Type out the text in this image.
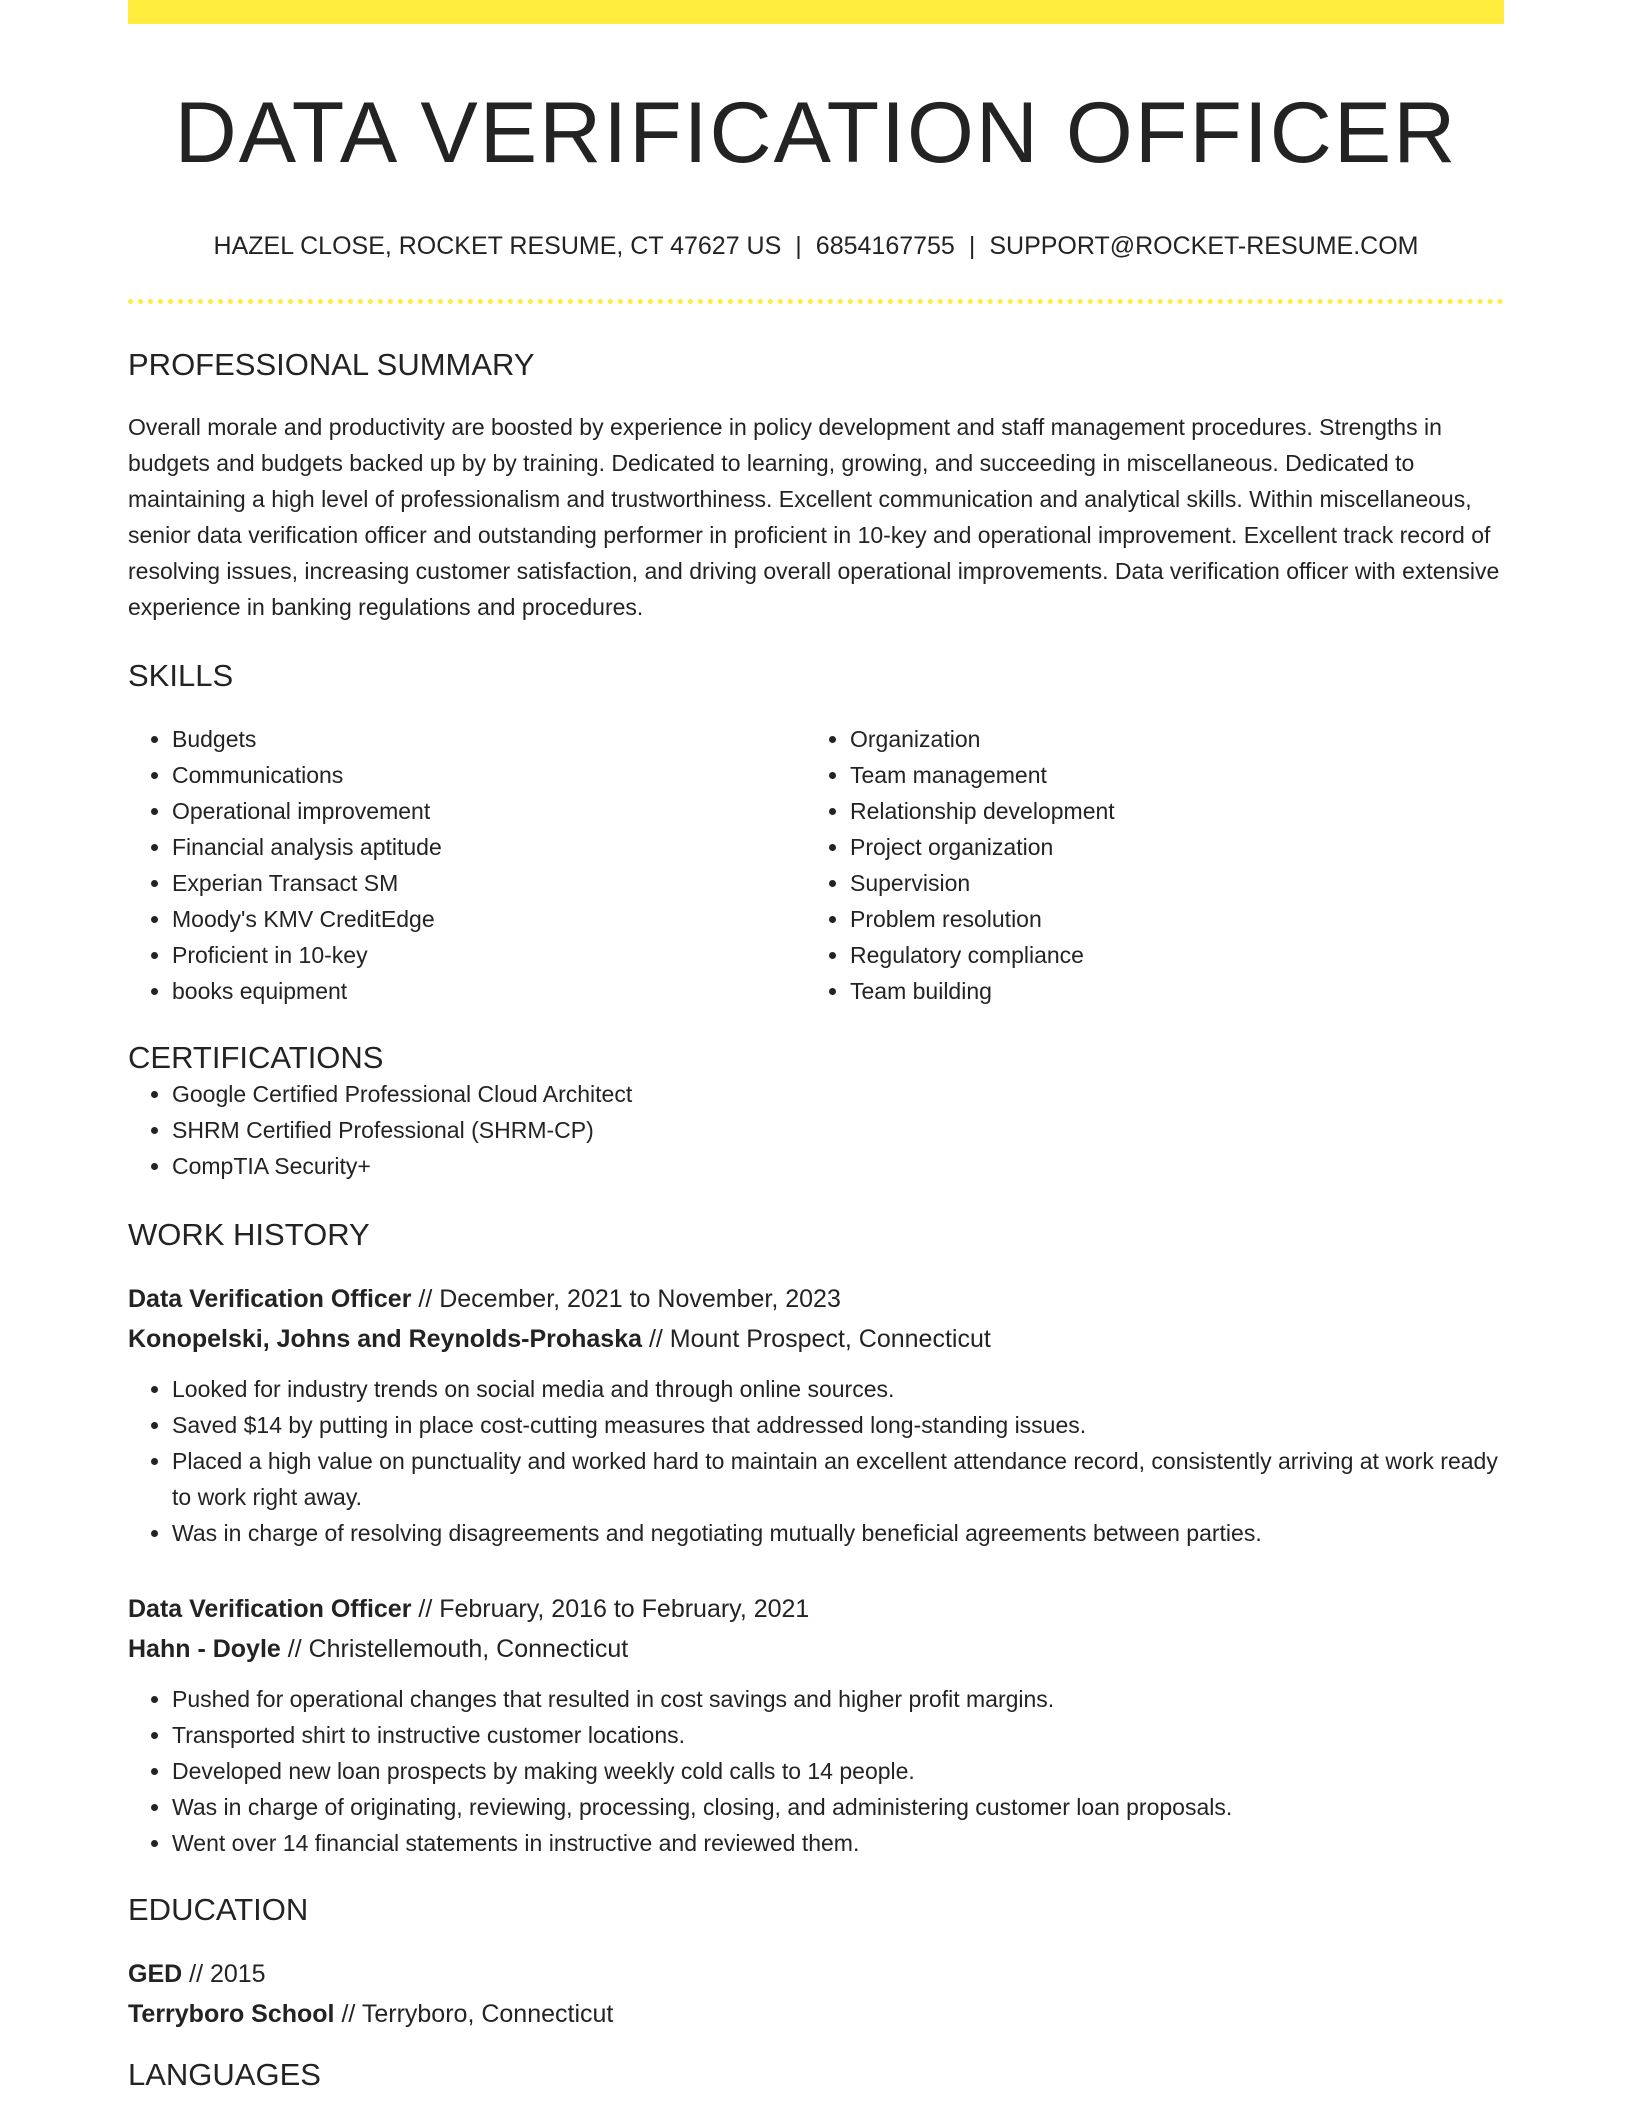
DATA VERIFICATION OFFICER
HAZEL CLOSE, ROCKET RESUME, CT 47627 US | 6854167755 | SUPPORT@ROCKET-RESUME.COM
PROFESSIONAL SUMMARY

Overall morale and productivity are boosted by experience in policy development and staff management procedures. Strengths in budgets and budgets backed up by by training. Dedicated to learning, growing, and succeeding in miscellaneous. Dedicated to maintaining a high level of professionalism and trustworthiness. Excellent communication and analytical skills. Within miscellaneous, senior data verification officer and outstanding performer in proficient in 10-key and operational improvement. Excellent track record of resolving issues, increasing customer satisfaction, and driving overall operational improvements. Data verification officer with extensive experience in banking regulations and procedures.

SKILLS
• Budgets
• Communications
• Operational improvement
• Financial analysis aptitude
• Experian Transact SM
• Moody's KMV CreditEdge
• Proficient in 10-key
• books equipment
• Organization
• Team management
• Relationship development
• Project organization
• Supervision
• Problem resolution
• Regulatory compliance
• Team building
CERTIFICATIONS
• Google Certified Professional Cloud Architect
• SHRM Certified Professional (SHRM-CP)
• CompTIA Security+
WORK HISTORY
Data Verification Officer // December, 2021 to November, 2023
Konopelski, Johns and Reynolds-Prohaska // Mount Prospect, Connecticut
• Looked for industry trends on social media and through online sources.
• Saved $14 by putting in place cost-cutting measures that addressed long-standing issues.
• Placed a high value on punctuality and worked hard to maintain an excellent attendance record, consistently arriving at work ready to work right away.
• Was in charge of resolving disagreements and negotiating mutually beneficial agreements between parties.
Data Verification Officer // February, 2016 to February, 2021
Hahn - Doyle // Christellemouth, Connecticut
• Pushed for operational changes that resulted in cost savings and higher profit margins.
• Transported shirt to instructive customer locations.
• Developed new loan prospects by making weekly cold calls to 14 people.
• Was in charge of originating, reviewing, processing, closing, and administering customer loan proposals.
• Went over 14 financial statements in instructive and reviewed them.
EDUCATION
GED // 2015
Terryboro School // Terryboro, Connecticut
LANGUAGES
